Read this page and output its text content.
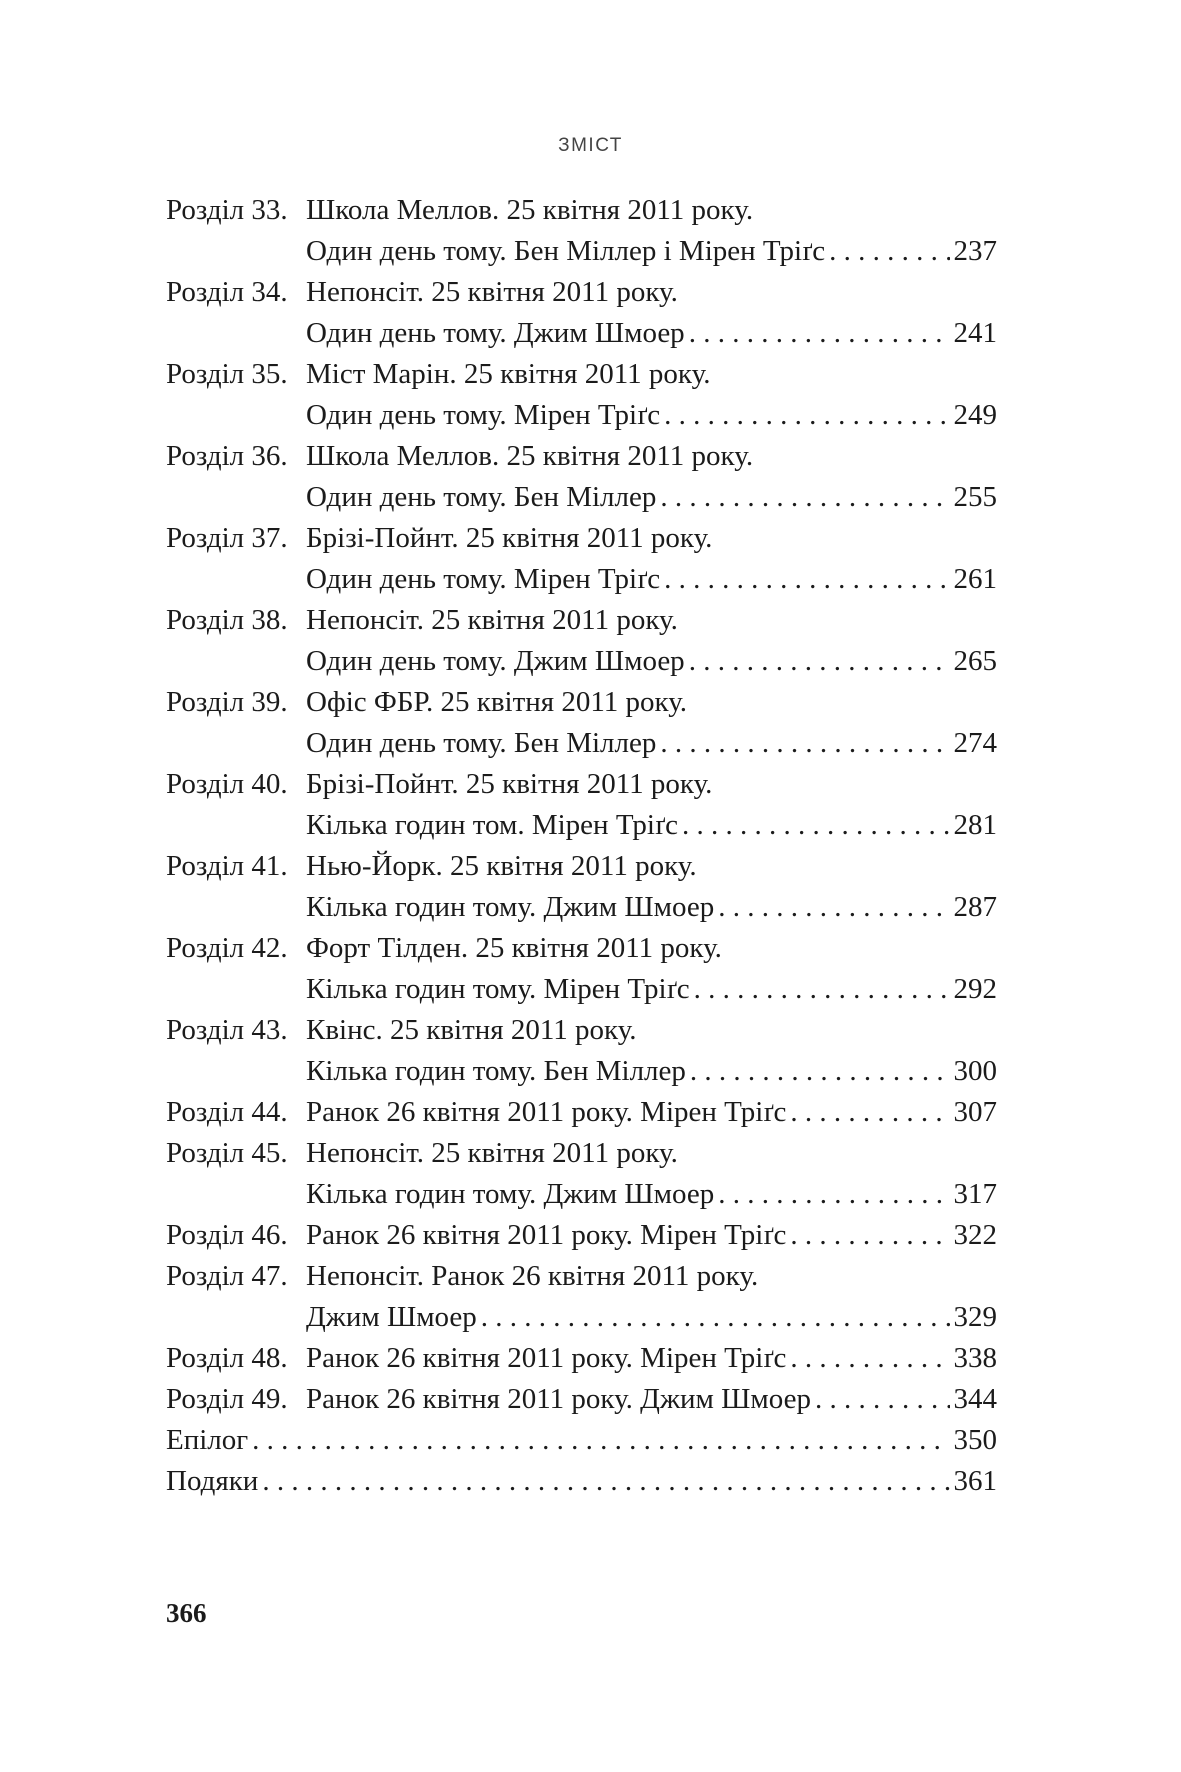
ЗМІСТ
Розділ 33. Школа Меллов. 25 квітня 2011 року.
Один день тому. Бен Міллер і Мірен Тріґс . . .	237
Розділ 34. Непонсіт. 25 квітня 2011 року.
Один день тому. Джим Шмоер . . .	241
Розділ 35. Міст Марін. 25 квітня 2011 року.
Один день тому. Мірен Тріґс . . .	249
Розділ 36. Школа Меллов. 25 квітня 2011 року.
Один день тому. Бен Міллер . . .	255
Розділ 37. Брізі-Пойнт. 25 квітня 2011 року.
Один день тому. Мірен Тріґс . . .	261
Розділ 38. Непонсіт. 25 квітня 2011 року.
Один день тому. Джим Шмоер . . .	265
Розділ 39. Офіс ФБР. 25 квітня 2011 року.
Один день тому. Бен Міллер . . .	274
Розділ 40. Брізі-Пойнт. 25 квітня 2011 року.
Кілька годин том. Мірен Тріґс . . .	281
Розділ 41. Нью-Йорк. 25 квітня 2011 року.
Кілька годин тому. Джим Шмоер . . .	287
Розділ 42. Форт Тілден. 25 квітня 2011 року.
Кілька годин тому. Мірен Тріґс . . .	292
Розділ 43. Квінс. 25 квітня 2011 року.
Кілька годин тому. Бен Міллер . . .	300
Розділ 44. Ранок 26 квітня 2011 року. Мірен Тріґс . . .	307
Розділ 45. Непонсіт. 25 квітня 2011 року.
Кілька годин тому. Джим Шмоер . . .	317
Розділ 46. Ранок 26 квітня 2011 року. Мірен Тріґс . . .	322
Розділ 47. Непонсіт. Ранок 26 квітня 2011 року.
Джим Шмоер . . .	329
Розділ 48. Ранок 26 квітня 2011 року. Мірен Тріґс . . .	338
Розділ 49. Ранок 26 квітня 2011 року. Джим Шмоер . . .	344
Епілог . . .	350
Подяки . . .	361
366
